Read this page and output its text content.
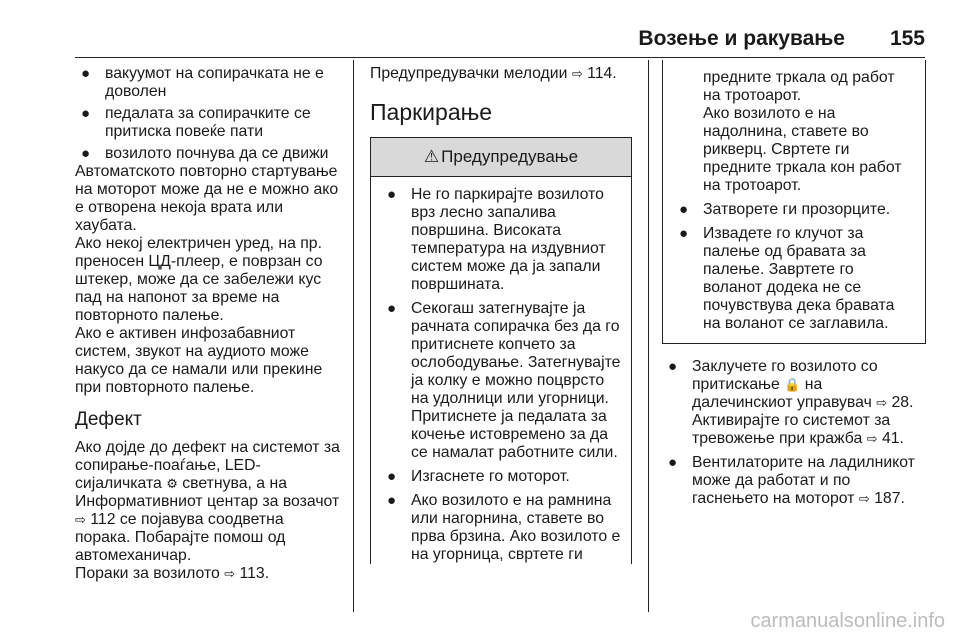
Возење и ракување	155
● вакуумот на сопирачката не е доволен
● педалата за сопирачките се притиска повеќе пати
● возилото почнува да се движи

Автоматското повторно стартување на моторот може да не е можно ако е отворена некоја врата или хаубата.

Ако некој електричен уред, на пр. преносен ЦД-плеер, е поврзан со штекер, може да се забележи кус пад на напонот за време на повторното палење.

Ако е активен инфозабавниот систем, звукот на аудиото може накусо да се намали или прекине при повторното палење.

Дефект

Ако дојде до дефект на системот за сопирање-поаѓање, LED-сијаличката ⚙ светнува, а на Информативниот центар за возачот ⇨ 112 се појавува соодветна порака. Побарајте помош од автомеханичар.

Пораки за возилото ⇨ 113.

Предупредувачки мелодии ⇨ 114.

Паркирање
⚠ Предупредување
● Не го паркирајте возилото врз лесно запалива површина. Високата температура на издувниот систем може да ја запали површината.
● Секогаш затегнувајте ја рачната сопирачка без да го притиснете копчето за ослободување. Затегнувајте ја колку е можно поцврсто на удолници или угорници. Притиснете ја педалата за кочење истовремено за да се намалат работните сили.
● Изгаснете го моторот.
● Ако возилото е на рамнина или нагорнина, ставете во прва брзина. Ако возилото е на угорница, свртете ги

предните тркала од работ на тротоарот.

Ако возилото е на надолнина, ставете во рикверц. Свртете ги предните тркала кон работ на тротоарот.

● Затворете ги прозорците.
● Извадете го клучот за палење од бравата за палење. Завртете го воланот додека не се почувствува дека бравата на воланот се заглавила.
● Заклучете го возилото со притискање 🔒 на далечинскиот управувач ⇨ 28.

Активирајте го системот за тревожење при кражба ⇨ 41.

● Вентилаторите на ладилникот може да работат и по гаснењето на моторот ⇨ 187.
carmanualsonline.info
